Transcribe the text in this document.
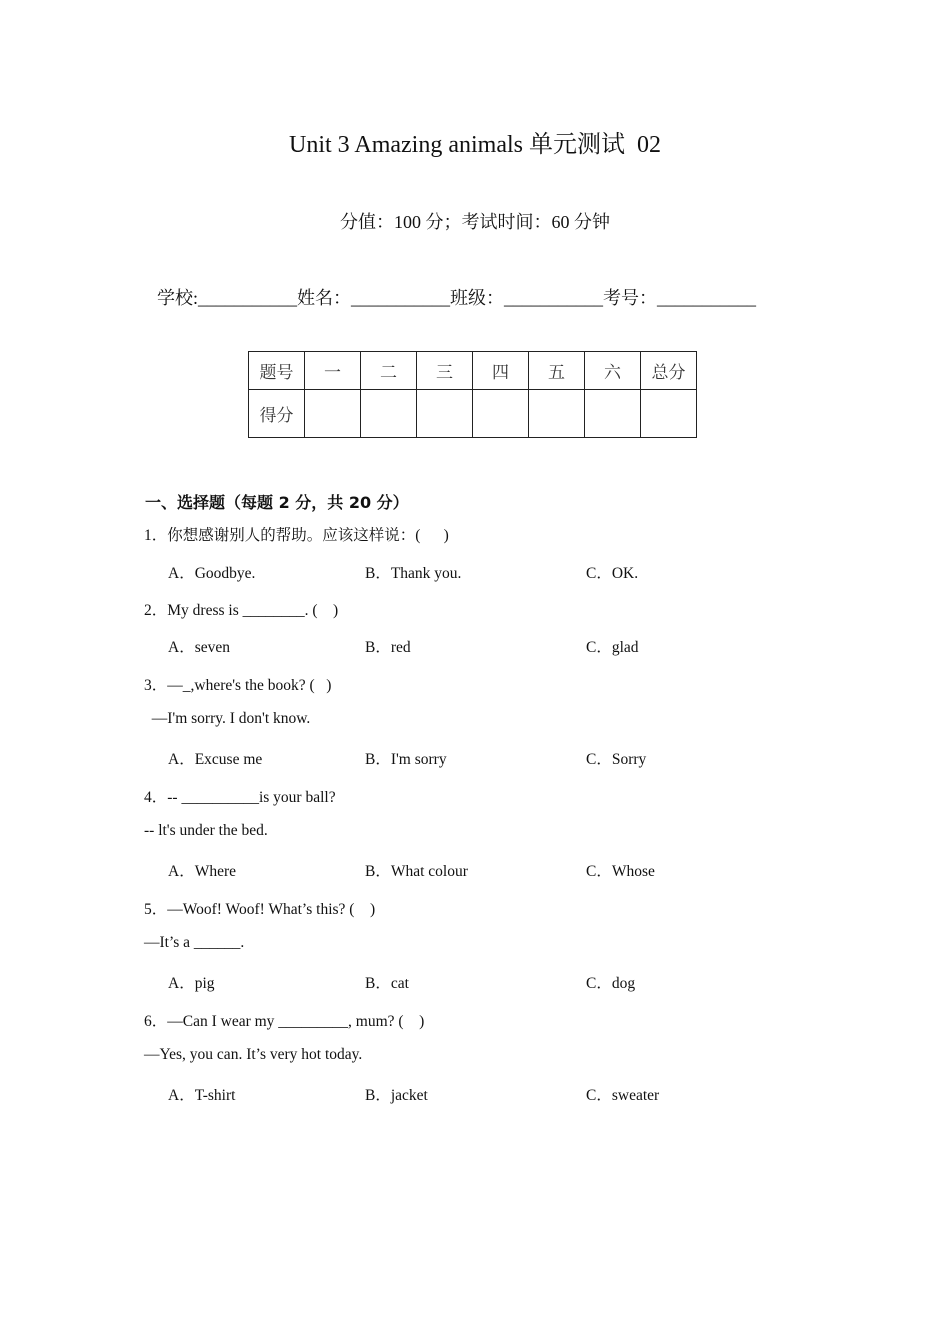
Unit 3 Amazing animals 单元测试  02
分值：100 分；考试时间：60 分钟
学校:___________姓名：___________班级：___________考号：___________
题号	一	二	三	四	五	六	总分
得分							
一、选择题（每题 2 分，共 20 分）
1．你想感谢别人的帮助。应该这样说：(      )
A．Goodbye.	B．Thank you.	C．OK.
2．My dress is ________. (    )
A．seven	B．red	C．glad
3．—_,where's the book? (   )
—I'm sorry. I don't know.
A．Excuse me	B．I'm sorry	C．Sorry
4．-- __________is your ball?
-- lt's under the bed.
A．Where	B．What colour	C．Whose
5．—Woof! Woof! What’s this? (    )
—It’s a ______.
A．pig	B．cat	C．dog
6．—Can I wear my _________, mum? (    )
—Yes, you can. It’s very hot today.
A．T-shirt	B．jacket	C．sweater
